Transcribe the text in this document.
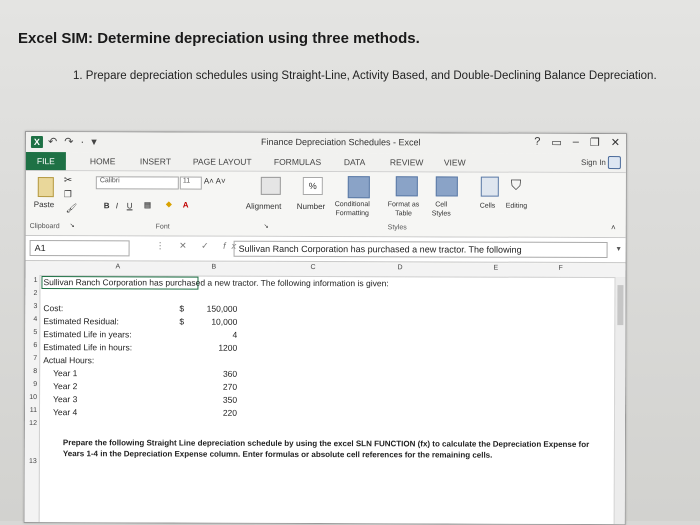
Excel SIM: Determine depreciation using three methods.
1. Prepare depreciation schedules using Straight-Line, Activity Based, and Double-Declining Balance Depreciation.
X ↶ ↷ · ▾	Finance Depreciation Schedules - Excel	? ▭ – ❐ ✕
FILE	HOME	INSERT	PAGE LAYOUT	FORMULAS	DATA	REVIEW VIEW	Sign In
✂
❐
Paste 🖌
Clipboard ↘
Calibri	11	A˄ A˅
B I U ▦ ◆ A
Font
Alignment
↘
%
Number Conditional
Formatting
Format as
Table
Cell
Styles
Styles
Cells
⛉
Editing
˄
A1	⋮ ✕ ✓ fx
Sullivan Ranch Corporation has purchased a new tractor. The following	▾
A	B	C	D	E	F
1
2
3
4
5
6
7
8
9
10
11
12
13
Sullivan Ranch Corporation has purchased a new tractor. The following information is given:
Cost:	$	150,000
Estimated Residual:	$	10,000
Estimated Life in years:	4
Estimated Life in hours:	1200
Actual Hours:
Year 1	360
Year 2	270
Year 3	350
Year 4	220
Prepare the following Straight Line depreciation schedule by using the excel SLN FUNCTION (fx) to calculate the Depreciation Expense for Years 1-4 in the Depreciation Expense column. Enter formulas or absolute cell references for the remaining cells.
